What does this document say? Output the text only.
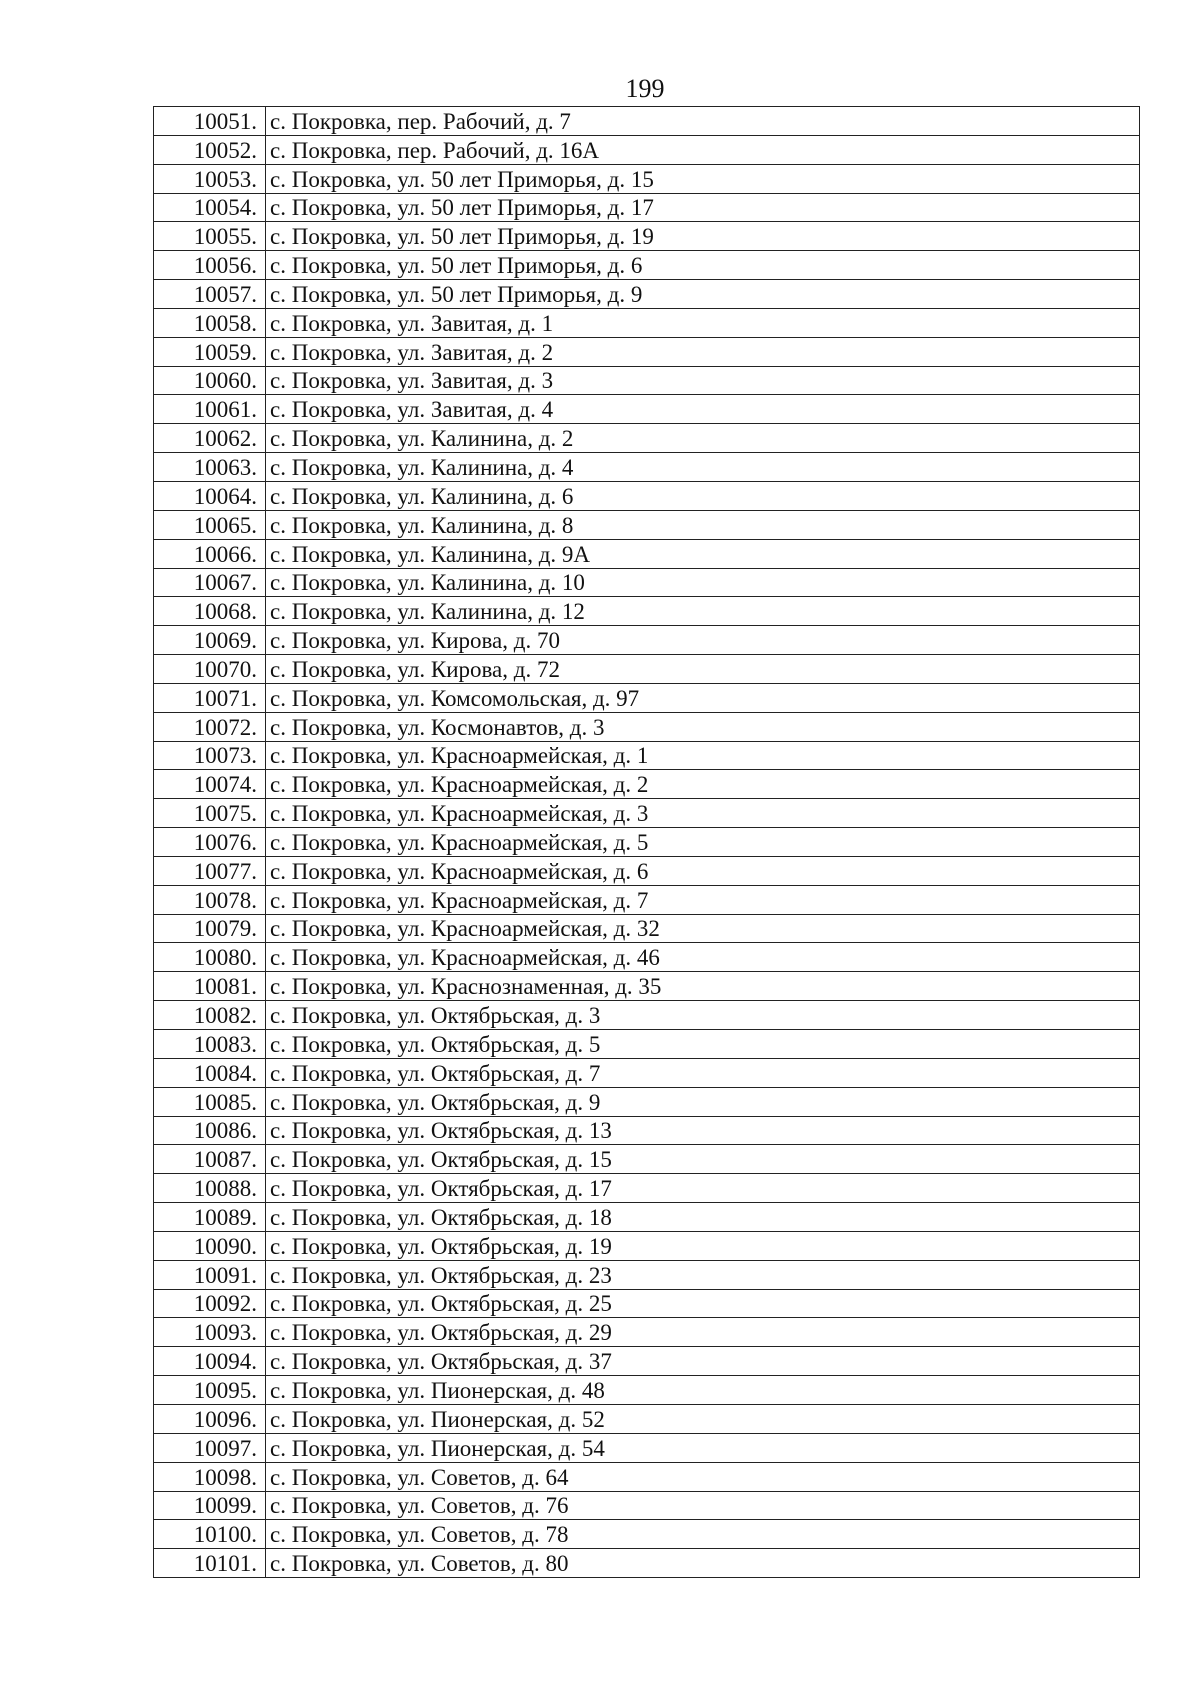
199
10051.	с. Покровка, пер. Рабочий, д. 7
10052.	с. Покровка, пер. Рабочий, д. 16А
10053.	с. Покровка, ул. 50 лет Приморья, д. 15
10054.	с. Покровка, ул. 50 лет Приморья, д. 17
10055.	с. Покровка, ул. 50 лет Приморья, д. 19
10056.	с. Покровка, ул. 50 лет Приморья, д. 6
10057.	с. Покровка, ул. 50 лет Приморья, д. 9
10058.	с. Покровка, ул. Завитая, д. 1
10059.	с. Покровка, ул. Завитая, д. 2
10060.	с. Покровка, ул. Завитая, д. 3
10061.	с. Покровка, ул. Завитая, д. 4
10062.	с. Покровка, ул. Калинина, д. 2
10063.	с. Покровка, ул. Калинина, д. 4
10064.	с. Покровка, ул. Калинина, д. 6
10065.	с. Покровка, ул. Калинина, д. 8
10066.	с. Покровка, ул. Калинина, д. 9А
10067.	с. Покровка, ул. Калинина, д. 10
10068.	с. Покровка, ул. Калинина, д. 12
10069.	с. Покровка, ул. Кирова, д. 70
10070.	с. Покровка, ул. Кирова, д. 72
10071.	с. Покровка, ул. Комсомольская, д. 97
10072.	с. Покровка, ул. Космонавтов, д. 3
10073.	с. Покровка, ул. Красноармейская, д. 1
10074.	с. Покровка, ул. Красноармейская, д. 2
10075.	с. Покровка, ул. Красноармейская, д. 3
10076.	с. Покровка, ул. Красноармейская, д. 5
10077.	с. Покровка, ул. Красноармейская, д. 6
10078.	с. Покровка, ул. Красноармейская, д. 7
10079.	с. Покровка, ул. Красноармейская, д. 32
10080.	с. Покровка, ул. Красноармейская, д. 46
10081.	с. Покровка, ул. Краснознаменная, д. 35
10082.	с. Покровка, ул. Октябрьская, д. 3
10083.	с. Покровка, ул. Октябрьская, д. 5
10084.	с. Покровка, ул. Октябрьская, д. 7
10085.	с. Покровка, ул. Октябрьская, д. 9
10086.	с. Покровка, ул. Октябрьская, д. 13
10087.	с. Покровка, ул. Октябрьская, д. 15
10088.	с. Покровка, ул. Октябрьская, д. 17
10089.	с. Покровка, ул. Октябрьская, д. 18
10090.	с. Покровка, ул. Октябрьская, д. 19
10091.	с. Покровка, ул. Октябрьская, д. 23
10092.	с. Покровка, ул. Октябрьская, д. 25
10093.	с. Покровка, ул. Октябрьская, д. 29
10094.	с. Покровка, ул. Октябрьская, д. 37
10095.	с. Покровка, ул. Пионерская, д. 48
10096.	с. Покровка, ул. Пионерская, д. 52
10097.	с. Покровка, ул. Пионерская, д. 54
10098.	с. Покровка, ул. Советов, д. 64
10099.	с. Покровка, ул. Советов, д. 76
10100.	с. Покровка, ул. Советов, д. 78
10101.	с. Покровка, ул. Советов, д. 80
